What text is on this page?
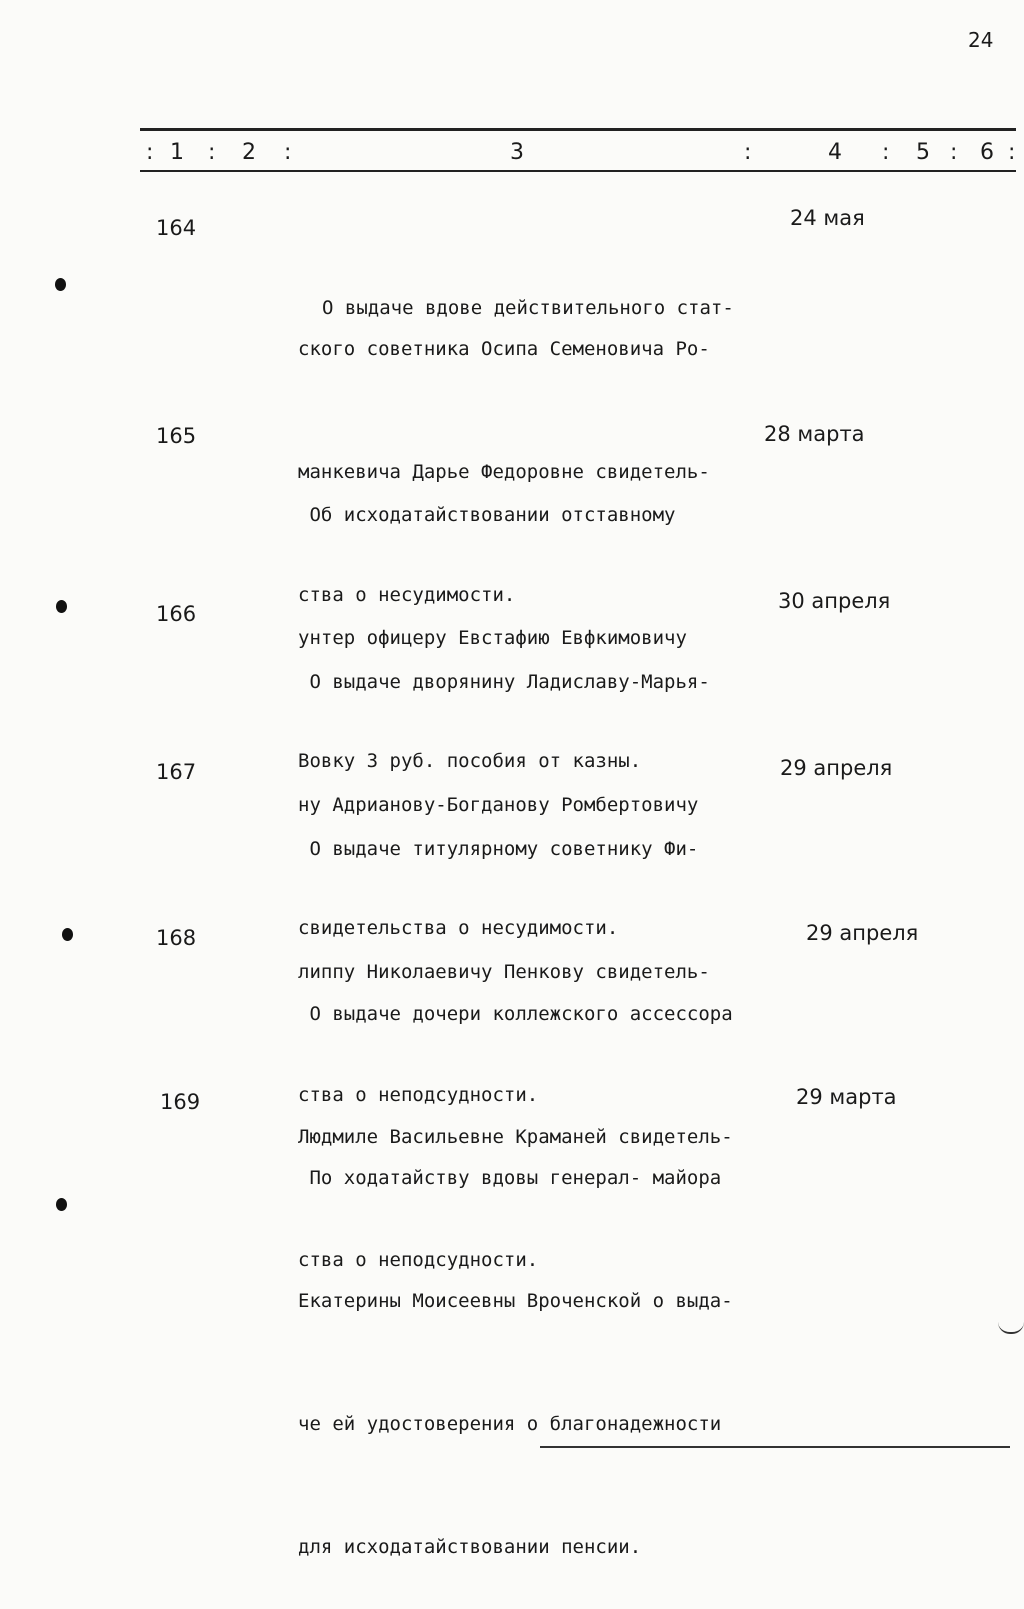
24
: 1 : 2 :	3	:	4 : 5 : 6 :
164

О выдаче вдове действительного стат-

ского советника Осипа Семеновича Ро-

манкевича Дарье Федоровне свидетель-

ства о несудимости.

24 мая
165

Об исходатайствовании отставному

унтер офицеру Евстафию Евфкимовичу

Вовку 3 руб. пособия от казны.

28 марта
166

О выдаче дворянину Ладиславу-Марья-

ну Адрианову-Богданову Ромбертовичу

свидетельства о несудимости.

30 апреля
167

О выдаче титулярному советнику Фи-

липпу Николаевичу Пенкову свидетель-

ства о неподсудности.

29 апреля
168

О выдаче дочери коллежского ассессора

Людмиле Васильевне Краманей свидетель-

ства о неподсудности.

29 апреля
169

По ходатайству вдовы генерал- майора

Екатерины Моисеевны Вроченской о выда-

че ей удостоверения о благонадежности

для исходатайствовании пенсии.

29 марта
